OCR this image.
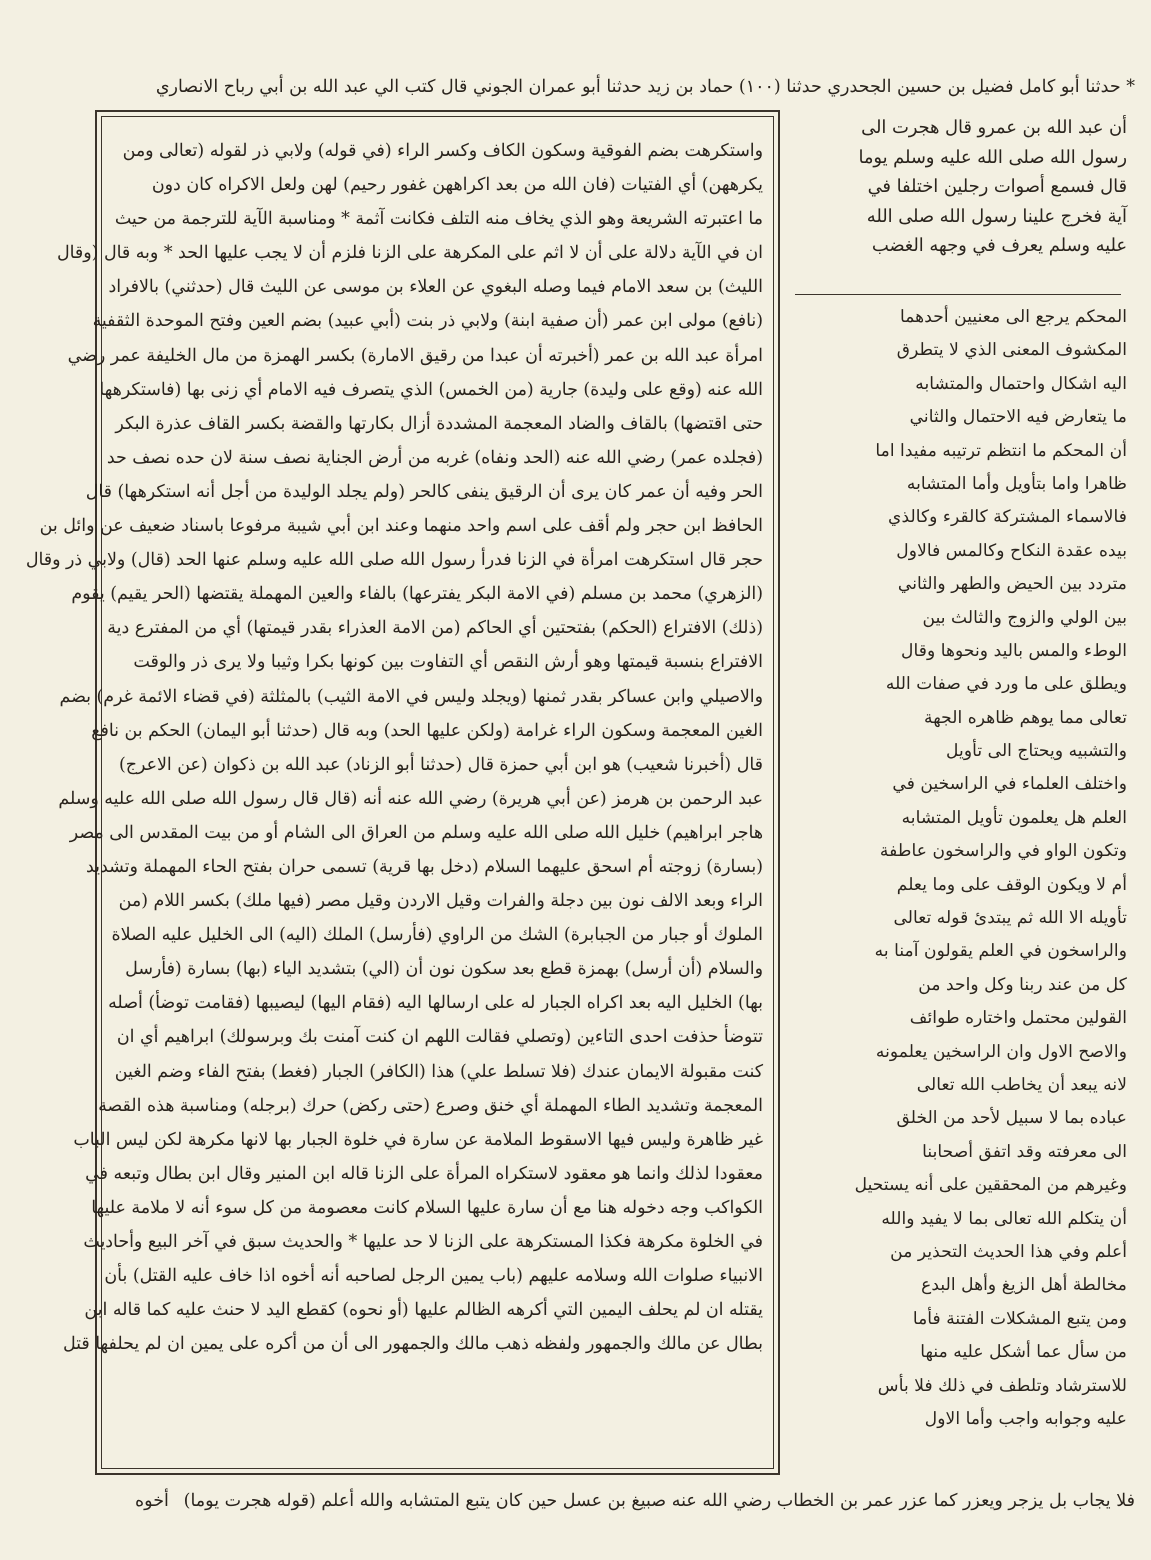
* حدثنا أبو كامل فضيل بن حسين الجحدري حدثنا (١٠٠) حماد بن زيد حدثنا أبو عمران الجوني قال كتب الي عبد الله بن أبي رباح الانصاري
أن عبد الله بن عمرو قال هجرت الى
رسول الله صلى الله عليه وسلم يوما
قال فسمع أصوات رجلين اختلفا في
آية فخرج علينا رسول الله صلى الله
عليه وسلم يعرف في وجهه الغضب
المحكم يرجع الى معنيين أحدهما
المكشوف المعنى الذي لا يتطرق
اليه اشكال واحتمال والمتشابه
ما يتعارض فيه الاحتمال والثاني
أن المحكم ما انتظم ترتيبه مفيدا اما
ظاهرا واما بتأويل وأما المتشابه
فالاسماء المشتركة كالقرء وكالذي
بيده عقدة النكاح وكالمس فالاول
متردد بين الحيض والطهر والثاني
بين الولي والزوج والثالث بين
الوطء والمس باليد ونحوها وقال
ويطلق على ما ورد في صفات الله
تعالى مما يوهم ظاهره الجهة
والتشبيه ويحتاج الى تأويل
واختلف العلماء في الراسخين في
العلم هل يعلمون تأويل المتشابه
وتكون الواو في والراسخون عاطفة
أم لا ويكون الوقف على وما يعلم
تأويله الا الله ثم يبتدئ قوله تعالى
والراسخون في العلم يقولون آمنا به
كل من عند ربنا وكل واحد من
القولين محتمل واختاره طوائف
والاصح الاول وان الراسخين يعلمونه
لانه يبعد أن يخاطب الله تعالى
عباده بما لا سبيل لأحد من الخلق
الى معرفته وقد اتفق أصحابنا
وغيرهم من المحققين على أنه يستحيل
أن يتكلم الله تعالى بما لا يفيد والله
أعلم وفي هذا الحديث التحذير من
مخالطة أهل الزيغ وأهل البدع
ومن يتبع المشكلات الفتنة فأما
من سأل عما أشكل عليه منها
للاسترشاد وتلطف في ذلك فلا بأس
عليه وجوابه واجب وأما الاول
واستكرهت بضم الفوقية وسكون الكاف وكسر الراء (في قوله) ولابي ذر لقوله (تعالى ومن
يكرههن) أي الفتيات (فان الله من بعد اكراههن غفور رحيم) لهن ولعل الاكراه كان دون
ما اعتبرته الشريعة وهو الذي يخاف منه التلف فكانت آثمة * ومناسبة الآية للترجمة من حيث
ان في الآية دلالة على أن لا اثم على المكرهة على الزنا فلزم أن لا يجب عليها الحد * وبه قال (وقال
الليث) بن سعد الامام فيما وصله البغوي عن العلاء بن موسى عن الليث قال (حدثني) بالافراد
(نافع) مولى ابن عمر (أن صفية ابنة) ولابي ذر بنت (أبي عبيد) بضم العين وفتح الموحدة الثقفية
امرأة عبد الله بن عمر (أخبرته أن عبدا من رقيق الامارة) بكسر الهمزة من مال الخليفة عمر رضي
الله عنه (وقع على وليدة) جارية (من الخمس) الذي يتصرف فيه الامام أي زنى بها (فاستكرهها
حتى اقتضها) بالقاف والضاد المعجمة المشددة أزال بكارتها والقضة بكسر القاف عذرة البكر
(فجلده عمر) رضي الله عنه (الحد ونفاه) غربه من أرض الجناية نصف سنة لان حده نصف حد
الحر وفيه أن عمر كان يرى أن الرقيق ينفى كالحر (ولم يجلد الوليدة من أجل أنه استكرهها) قال
الحافظ ابن حجر ولم أقف على اسم واحد منهما وعند ابن أبي شيبة مرفوعا باسناد ضعيف عن وائل بن
حجر قال استكرهت امرأة في الزنا فدرأ رسول الله صلى الله عليه وسلم عنها الحد (قال) ولابي ذر وقال
(الزهري) محمد بن مسلم (في الامة البكر يفترعها) بالفاء والعين المهملة يقتضها (الحر يقيم) يقوم
(ذلك) الافتراع (الحكم) بفتحتين أي الحاكم (من الامة العذراء بقدر قيمتها) أي من المفترع دية
الافتراع بنسبة قيمتها وهو أرش النقص أي التفاوت بين كونها بكرا وثيبا ولا يرى ذر والوقت
والاصيلي وابن عساكر بقدر ثمنها (ويجلد وليس في الامة الثيب) بالمثلثة (في قضاء الائمة غرم) بضم
الغين المعجمة وسكون الراء غرامة (ولكن عليها الحد) وبه قال (حدثنا أبو اليمان) الحكم بن نافع
قال (أخبرنا شعيب) هو ابن أبي حمزة قال (حدثنا أبو الزناد) عبد الله بن ذكوان (عن الاعرج)
عبد الرحمن بن هرمز (عن أبي هريرة) رضي الله عنه أنه (قال قال رسول الله صلى الله عليه وسلم
هاجر ابراهيم) خليل الله صلى الله عليه وسلم من العراق الى الشام أو من بيت المقدس الى مصر
(بسارة) زوجته أم اسحق عليهما السلام (دخل بها قرية) تسمى حران بفتح الحاء المهملة وتشديد
الراء وبعد الالف نون بين دجلة والفرات وقيل الاردن وقيل مصر (فيها ملك) بكسر اللام (من
الملوك أو جبار من الجبابرة) الشك من الراوي (فأرسل) الملك (اليه) الى الخليل عليه الصلاة
والسلام (أن أرسل) بهمزة قطع بعد سكون نون أن (الي) بتشديد الياء (بها) بسارة (فأرسل
بها) الخليل اليه بعد اكراه الجبار له على ارسالها اليه (فقام اليها) ليصيبها (فقامت توضأ) أصله
تتوضأ حذفت احدى التاءين (وتصلي فقالت اللهم ان كنت آمنت بك وبرسولك) ابراهيم أي ان
كنت مقبولة الايمان عندك (فلا تسلط علي) هذا (الكافر) الجبار (فغط) بفتح الفاء وضم الغين
المعجمة وتشديد الطاء المهملة أي خنق وصرع (حتى ركض) حرك (برجله) ومناسبة هذه القصة
غير ظاهرة وليس فيها الاسقوط الملامة عن سارة في خلوة الجبار بها لانها مكرهة لكن ليس الباب
معقودا لذلك وانما هو معقود لاستكراه المرأة على الزنا قاله ابن المنير وقال ابن بطال وتبعه في
الكواكب وجه دخوله هنا مع أن سارة عليها السلام كانت معصومة من كل سوء أنه لا ملامة عليها
في الخلوة مكرهة فكذا المستكرهة على الزنا لا حد عليها * والحديث سبق في آخر البيع وأحاديث
الانبياء صلوات الله وسلامه عليهم (باب يمين الرجل لصاحبه أنه أخوه اذا خاف عليه القتل) بأن
يقتله ان لم يحلف اليمين التي أكرهه الظالم عليها (أو نحوه) كقطع اليد لا حنث عليه كما قاله ابن
بطال عن مالك والجمهور ولفظه ذهب مالك والجمهور الى أن من أكره على يمين ان لم يحلفها قتل
فلا يجاب بل يزجر ويعزر كما عزر عمر بن الخطاب رضي الله عنه صبيغ بن عسل حين كان يتبع المتشابه والله أعلم (قوله هجرت يوما)
أخوه
